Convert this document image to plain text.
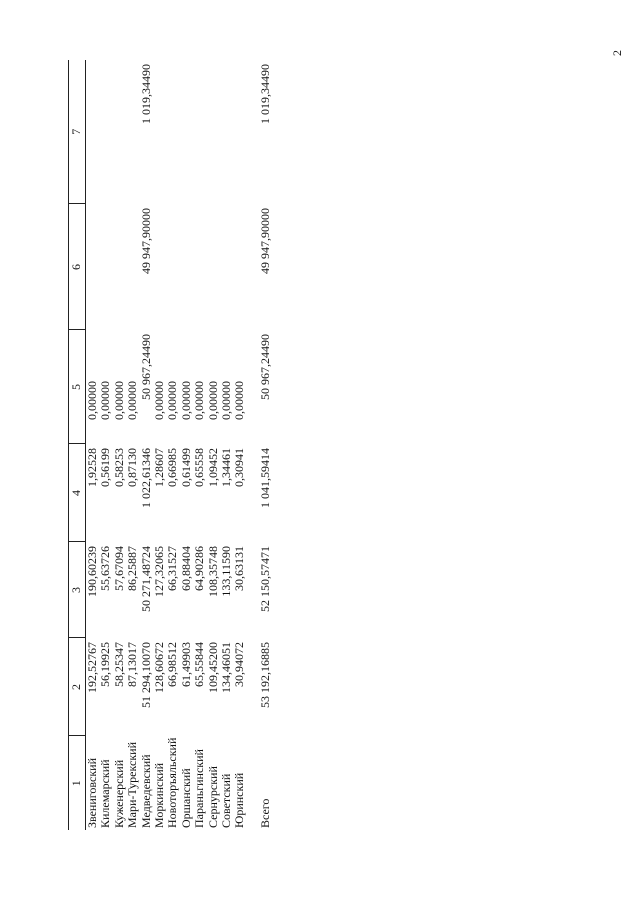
2
1	2	3	4	5	6	7
Звениговский	192,52767	190,60239	1,92528	0,00000		
Килемарский	56,19925	55,63726	0,56199	0,00000		
Куженерский	58,25347	57,67094	0,58253	0,00000		
Мари-Турекский	87,13017	86,25887	0,87130	0,00000		
Медведевский	51 294,10070	50 271,48724	1 022,61346	50 967,24490	49 947,90000	1 019,34490
Моркинский	128,60672	127,32065	1,28607	0,00000		
Новоторъяльский	66,98512	66,31527	0,66985	0,00000		
Оршанский	61,49903	60,88404	0,61499	0,00000		
Параньгинский	65,55844	64,90286	0,65558	0,00000		
Сернурский	109,45200	108,35748	1,09452	0,00000		
Советский	134,46051	133,11590	1,34461	0,00000		
Юринский	30,94072	30,63131	0,30941	0,00000		

Всего	53 192,16885	52 150,57471	1 041,59414	50 967,24490	49 947,90000	1 019,34490
